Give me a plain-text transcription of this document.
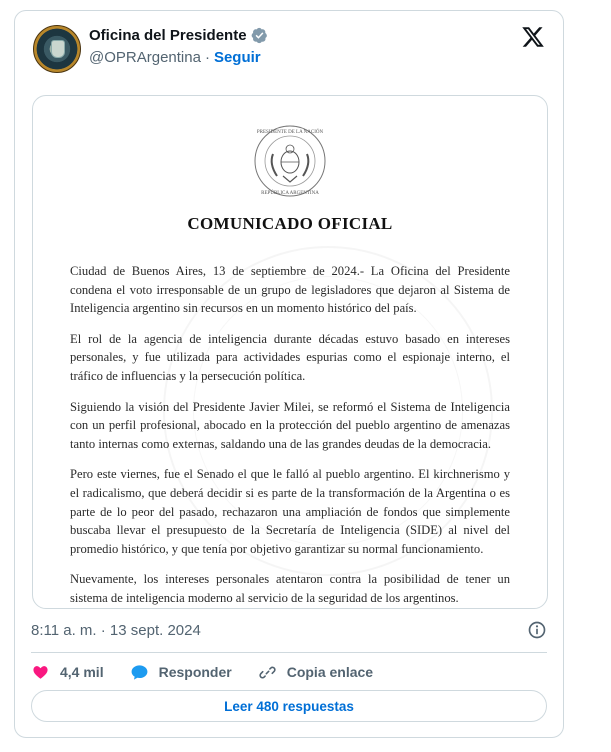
Oficina del Presidente
@OPRArgentina · Seguir
PRESIDENTE DE LA NACIÓN
REPÚBLICA ARGENTINA
COMUNICADO OFICIAL

Ciudad de Buenos Aires, 13 de septiembre de 2024.- La Oficina del Presidente condena el voto irresponsable de un grupo de legisladores que dejaron al Sistema de Inteligencia argentino sin recursos en un momento histórico del país.

El rol de la agencia de inteligencia durante décadas estuvo basado en intereses personales, y fue utilizada para actividades espurias como el espionaje interno, el tráfico de influencias y la persecución política.

Siguiendo la visión del Presidente Javier Milei, se reformó el Sistema de Inteligencia con un perfil profesional, abocado en la protección del pueblo argentino de amenazas tanto internas como externas, saldando una de las grandes deudas de la democracia.

Pero este viernes, fue el Senado el que le falló al pueblo argentino. El kirchnerismo y el radicalismo, que deberá decidir si es parte de la transformación de la Argentina o es parte de lo peor del pasado, rechazaron una ampliación de fondos que simplemente buscaba llevar el presupuesto de la Secretaría de Inteligencia (SIDE) al nivel del promedio histórico, y que tenía por objetivo garantizar su normal funcionamiento.

Nuevamente, los intereses personales atentaron contra la posibilidad de tener un sistema de inteligencia moderno al servicio de la seguridad de los argentinos.

8:11 a. m. · 13 sept. 2024
4,4 mil	Responder	Copia enlace
Leer 480 respuestas
